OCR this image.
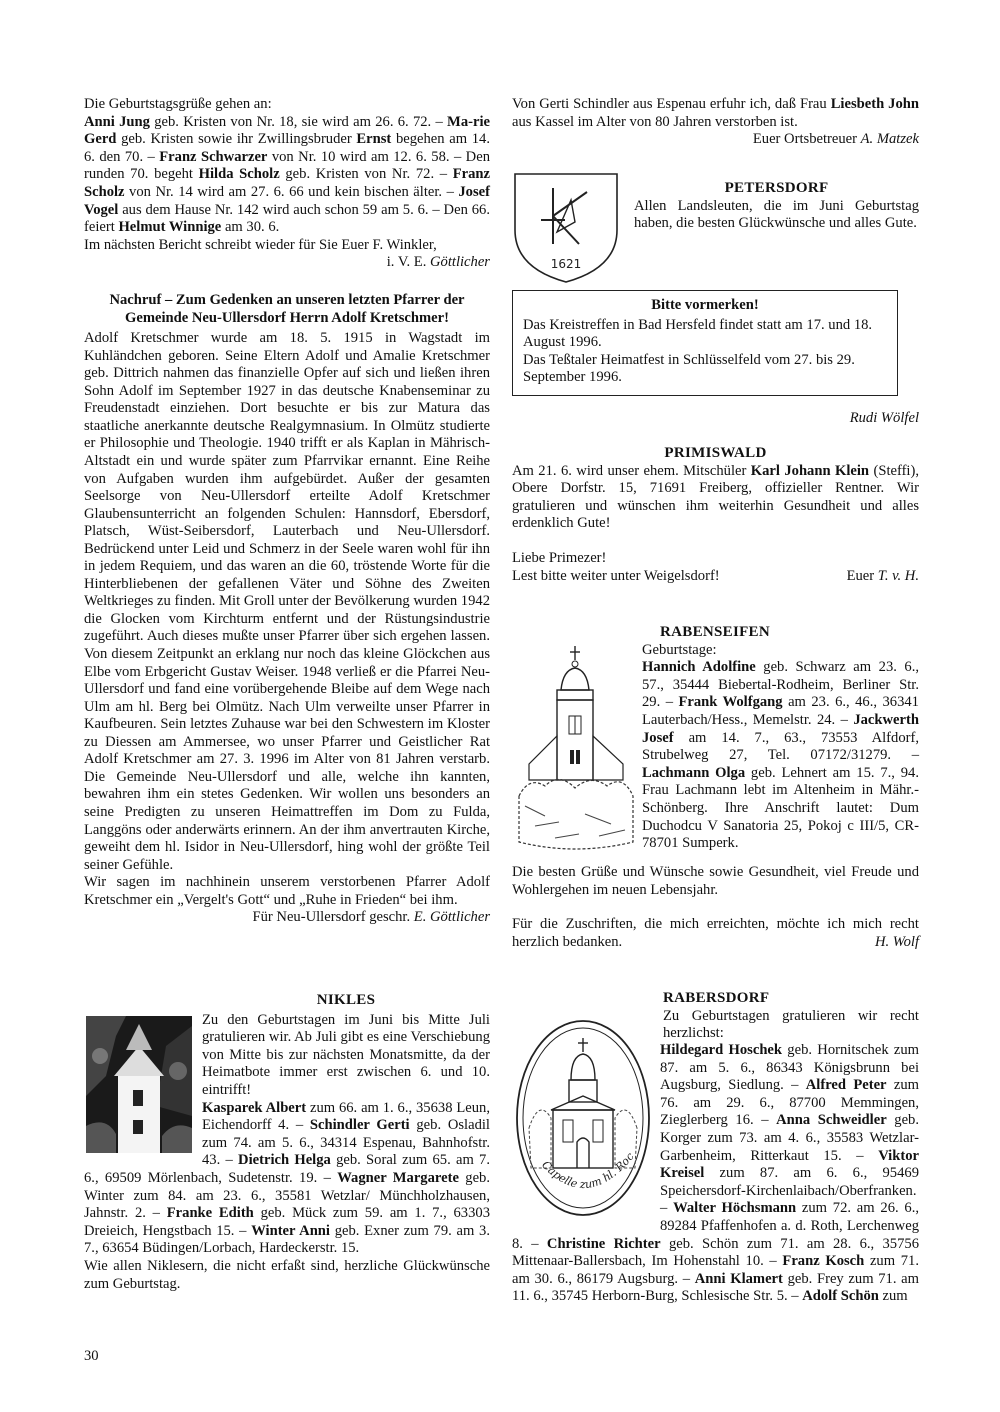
Die Geburtstagsgrüße gehen an:

Anni Jung geb. Kristen von Nr. 18, sie wird am 26. 6. 72. – Ma-rie Gerd geb. Kristen sowie ihr Zwillingsbruder Ernst begehen am 14. 6. den 70. – Franz Schwarzer von Nr. 10 wird am 12. 6. 58. – Den runden 70. begeht Hilda Scholz geb. Kristen von Nr. 72. – Franz Scholz von Nr. 14 wird am 27. 6. 66 und kein bischen älter. – Josef Vogel aus dem Hause Nr. 142 wird auch schon 59 am 5. 6. – Den 66. feiert Helmut Winnige am 30. 6.

Im nächsten Bericht schreibt wieder für Sie Euer F. Winkler,

i. V. E. Göttlicher

Nachruf – Zum Gedenken an unseren letzten Pfarrer der

Gemeinde Neu-Ullersdorf Herrn Adolf Kretschmer!

Adolf Kretschmer wurde am 18. 5. 1915 in Wagstadt im Kuhländchen geboren. Seine Eltern Adolf und Amalie Kretschmer geb. Dittrich nahmen das finanzielle Opfer auf sich und ließen ihren Sohn Adolf im September 1927 in das deutsche Knabenseminar zu Freudenstadt einziehen. Dort besuchte er bis zur Matura das staatliche anerkannte deutsche Realgymnasium. In Olmütz studierte er Philosophie und Theologie. 1940 trifft er als Kaplan in Mährisch-Altstadt ein und wurde später zum Pfarrvikar ernannt. Eine Reihe von Aufgaben wurden ihm aufgebürdet. Außer der gesamten Seelsorge von Neu-Ullersdorf erteilte Adolf Kretschmer Glaubensunterricht an folgenden Schulen: Hannsdorf, Ebersdorf, Platsch, Wüst-Seibersdorf, Lauterbach und Neu-Ullersdorf. Bedrückend unter Leid und Schmerz in der Seele waren wohl für ihn in jedem Requiem, und das waren an die 60, tröstende Worte für die Hinterbliebenen der gefallenen Väter und Söhne des Zweiten Weltkrieges zu finden. Mit Groll unter der Bevölkerung wurden 1942 die Glocken vom Kirchturm entfernt und der Rüstungsindustrie zugeführt. Auch dieses mußte unser Pfarrer über sich ergehen lassen. Von diesem Zeitpunkt an erklang nur noch das kleine Glöckchen aus Elbe vom Erbgericht Gustav Weiser. 1948 verließ er die Pfarrei Neu-Ullersdorf und fand eine vorübergehende Bleibe auf dem Wege nach Ulm am hl. Berg bei Olmütz. Nach Ulm verweilte unser Pfarrer in Kaufbeuren. Sein letztes Zuhause war bei den Schwestern im Kloster zu Diessen am Ammersee, wo unser Pfarrer und Geistlicher Rat Adolf Kretschmer am 27. 3. 1996 im Alter von 81 Jahren verstarb. Die Gemeinde Neu-Ullersdorf und alle, welche ihn kannten, bewahren ihm ein stetes Gedenken. Wir wollen uns besonders an seine Predigten zu unseren Heimattreffen im Dom zu Fulda, Langgöns oder anderwärts erinnern. An der ihm anvertrauten Kirche, geweiht dem hl. Isidor in Neu-Ullersdorf, hing wohl der größte Teil seiner Gefühle.

Wir sagen im nachhinein unserem verstorbenen Pfarrer Adolf Kretschmer ein „Vergelt's Gott“ und „Ruhe in Frieden“ bei ihm.

Für Neu-Ullersdorf geschr. E. Göttlicher

NIKLES

Zu den Geburtstagen im Juni bis Mitte Juli gratulieren wir. Ab Juli gibt es eine Verschiebung von Mitte bis zur nächsten Monatsmitte, da der Heimatbote immer erst zwischen 6. und 10. eintrifft!

Kasparek Albert zum 66. am 1. 6., 35638 Leun, Eichendorff 4. – Schindler Gerti geb. Osladil zum 74. am 5. 6., 34314 Espenau, Bahnhofstr. 43. – Dietrich Helga geb. Soral zum 65. am 7. 6., 69509 Mörlenbach, Sudetenstr. 19. – Wagner Margarete geb. Winter zum 84. am 23. 6., 35581 Wetzlar/ Münchholzhausen, Jahnstr. 2. – Franke Edith geb. Mück zum 59. am 1. 7., 63303 Dreieich, Hengstbach 15. – Winter Anni geb. Exner zum 79. am 3. 7., 63654 Büdingen/Lorbach, Hardeckerstr. 15.

Wie allen Niklesern, die nicht erfaßt sind, herzliche Glückwünsche zum Geburtstag.

Von Gerti Schindler aus Espenau erfuhr ich, daß Frau Liesbeth John aus Kassel im Alter von 80 Jahren verstorben ist.

Euer Ortsbetreuer A. Matzek

1621

PETERSDORF

Allen Landsleuten, die im Juni Geburtstag haben, die besten Glückwünsche und alles Gute.

Bitte vormerken!

Das Kreistreffen in Bad Hersfeld findet statt am 17. und 18. August 1996.

Das Teßtaler Heimatfest in Schlüsselfeld vom 27. bis 29. September 1996.

Rudi Wölfel

PRIMISWALD

Am 21. 6. wird unser ehem. Mitschüler Karl Johann Klein (Steffi), Obere Dorfstr. 15, 71691 Freiberg, offizieller Rentner. Wir gratulieren und wünschen ihm weiterhin Gesundheit und alles erdenklich Gute!

Liebe Primezer!

Lest bitte weiter unter Weigelsdorf!	Euer T. v. H.

RABENSEIFEN

Geburtstage:

Hannich Adolfine geb. Schwarz am 23. 6., 57., 35444 Biebertal-Rodheim, Berliner Str. 29. – Frank Wolfgang am 23. 6., 46., 36341 Lauterbach/Hess., Memelstr. 24. – Jackwerth Josef am 14. 7., 63., 73553 Alfdorf, Strubelweg 27, Tel. 07172/31279. – Lachmann Olga geb. Lehnert am 15. 7., 94. Frau Lachmann lebt im Altenheim in Mähr.-Schönberg. Ihre Anschrift lautet: Dum Duchodcu V Sanatoria 25, Pokoj c III/5, CR-78701 Sumperk.

Die besten Grüße und Wünsche sowie Gesundheit, viel Freude und Wohlergehen im neuen Lebensjahr.

Für die Zuschriften, die mich erreichten, möchte ich mich recht herzlich bedanken.	H. Wolf

Capelle zum hl. Roc

RABERSDORF

Zu Geburtstagen gratulieren wir recht herzlichst:

Hildegard Hoschek geb. Hornitschek zum 87. am 5. 6., 86343 Königsbrunn bei Augsburg, Siedlung. – Alfred Peter zum 76. am 29. 6., 87700 Memmingen, Zieglerberg 16. – Anna Schweidler geb. Korger zum 73. am 4. 6., 35583 Wetzlar-Garbenheim, Ritterkaut 15. – Viktor Kreisel zum 87. am 6. 6., 95469 Speichersdorf-Kirchenlaibach/Oberfranken. – Walter Höchsmann zum 72. am 26. 6., 89284 Pfaffenhofen a. d. Roth, Lerchenweg 8. – Christine Richter geb. Schön zum 71. am 28. 6., 35756 Mittenaar-Ballersbach, Im Hohenstahl 10. – Franz Kosch zum 71. am 30. 6., 86179 Augsburg. – Anni Klamert geb. Frey zum 71. am 11. 6., 35745 Herborn-Burg, Schlesische Str. 5. – Adolf Schön zum

30
